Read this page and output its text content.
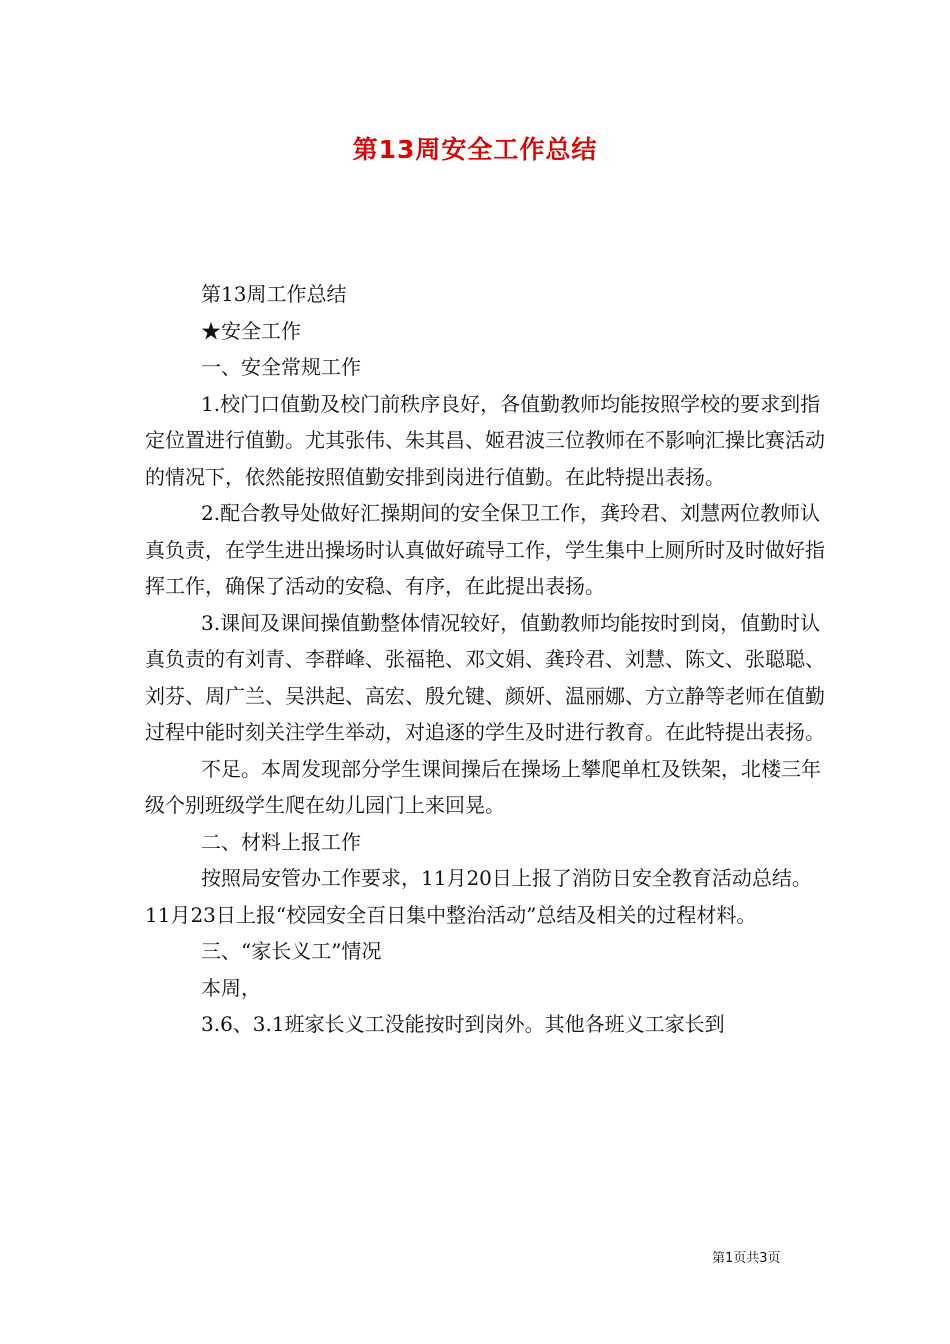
第13周安全工作总结

第13周工作总结

★安全工作

一、安全常规工作

1.校门口值勤及校门前秩序良好，各值勤教师均能按照学校的要求到指定位置进行值勤。尤其张伟、朱其昌、姬君波三位教师在不影响汇操比赛活动的情况下，依然能按照值勤安排到岗进行值勤。在此特提出表扬。

2.配合教导处做好汇操期间的安全保卫工作，龚玲君、刘慧两位教师认真负责，在学生进出操场时认真做好疏导工作，学生集中上厕所时及时做好指挥工作，确保了活动的安稳、有序，在此提出表扬。

3.课间及课间操值勤整体情况较好，值勤教师均能按时到岗，值勤时认真负责的有刘青、李群峰、张福艳、邓文娟、龚玲君、刘慧、陈文、张聪聪、刘芬、周广兰、吴洪起、高宏、殷允键、颜妍、温丽娜、方立静等老师在值勤过程中能时刻关注学生举动，对追逐的学生及时进行教育。在此特提出表扬。

不足。本周发现部分学生课间操后在操场上攀爬单杠及铁架，北楼三年级个别班级学生爬在幼儿园门上来回晃。

二、材料上报工作

按照局安管办工作要求，11月20日上报了消防日安全教育活动总结。11月23日上报“校园安全百日集中整治活动”总结及相关的过程材料。

三、“家长义工”情况

本周，

3.6、3.1班家长义工没能按时到岗外。其他各班义工家长到

第1页共3页
